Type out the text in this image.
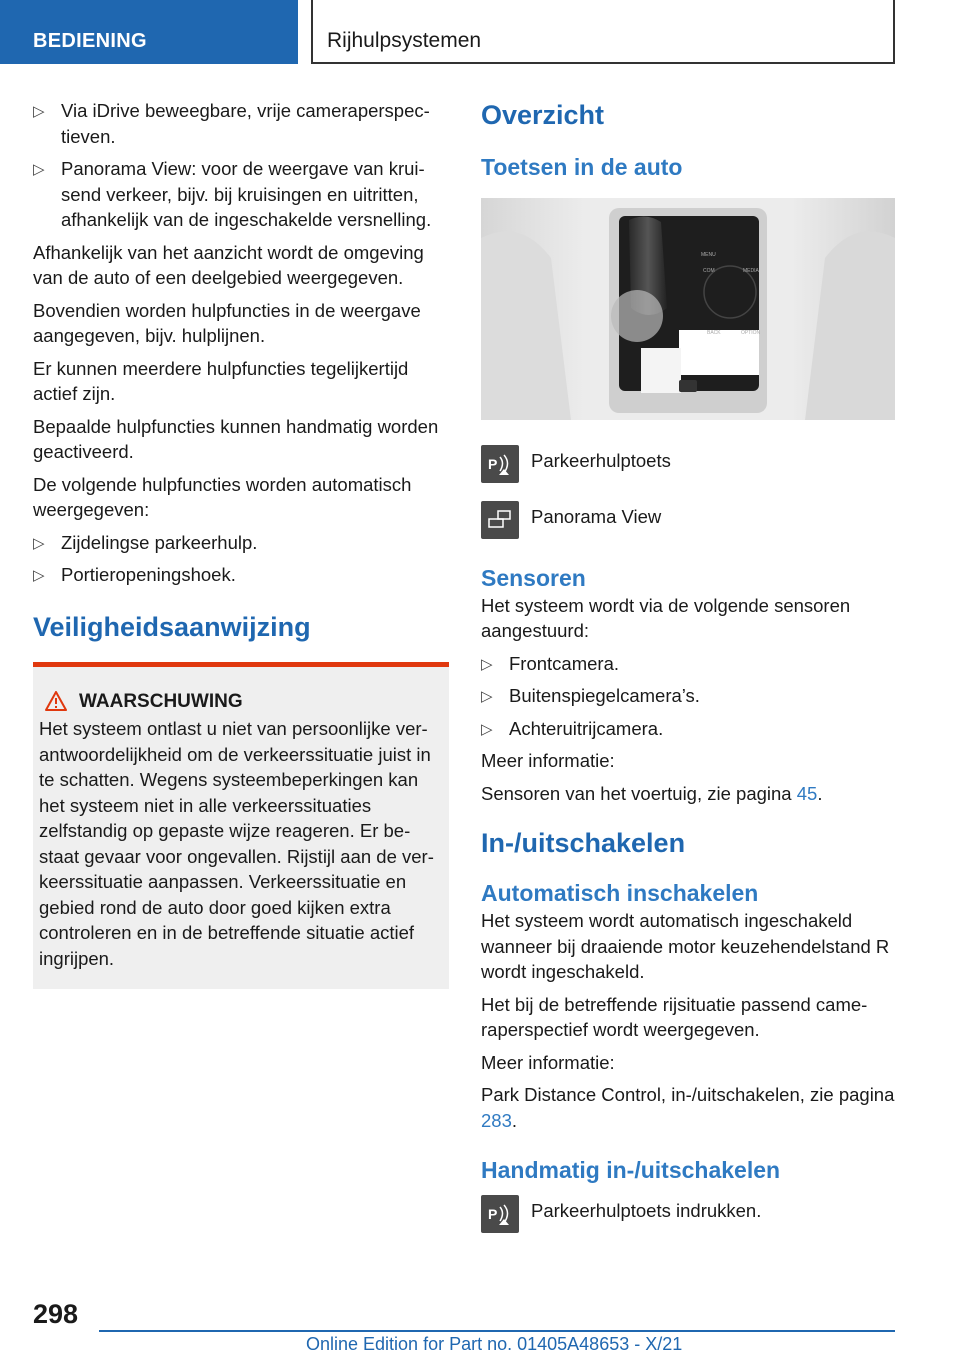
BEDIENING	Rijhulpsystemen
▷ Via iDrive beweegbare, vrije cameraperspectieven.
▷ Panorama View: voor de weergave van kruisend verkeer, bijv. bij kruisingen en uitritten, afhankelijk van de ingeschakelde versnelling.
Afhankelijk van het aanzicht wordt de omgeving van de auto of een deelgebied weergegeven.
Bovendien worden hulpfuncties in de weergave aangegeven, bijv. hulplijnen.
Er kunnen meerdere hulpfuncties tegelijkertijd actief zijn.
Bepaalde hulpfuncties kunnen handmatig worden geactiveerd.
De volgende hulpfuncties worden automatisch weergegeven:
▷ Zijdelingse parkeerhulp.
▷ Portieropeningshoek.
Veiligheidsaanwijzing
WAARSCHUWING
Het systeem ontlast u niet van persoonlijke verantwoordelijkheid om de verkeerssituatie juist in te schatten. Wegens systeembeperkingen kan het systeem niet in alle verkeerssituaties zelfstandig op gepaste wijze reageren. Er bestaat gevaar voor ongevallen. Rijstijl aan de verkeerssituatie aanpassen. Verkeerssituatie en gebied rond de auto door goed kijken extra controleren en in de betreffende situatie actief ingrijpen.
Overzicht
Toetsen in de auto
MENU
COM	MEDIA
BACK	OPTION
P Parkeerhulptoets
Panorama View
Sensoren
Het systeem wordt via de volgende sensoren aangestuurd:
▷ Frontcamera.
▷ Buitenspiegelcamera’s.
▷ Achteruitrijcamera.
Meer informatie:
Sensoren van het voertuig, zie pagina 45.
In-/uitschakelen
Automatisch inschakelen
Het systeem wordt automatisch ingeschakeld wanneer bij draaiende motor keuzehendelstand R wordt ingeschakeld.
Het bij de betreffende rijsituatie passend cameraperspectief wordt weergegeven.
Meer informatie:
Park Distance Control, in-/uitschakelen, zie pagina 283.
Handmatig in-/uitschakelen
P Parkeerhulptoets indrukken.
298
Online Edition for Part no. 01405A48653 - X/21
